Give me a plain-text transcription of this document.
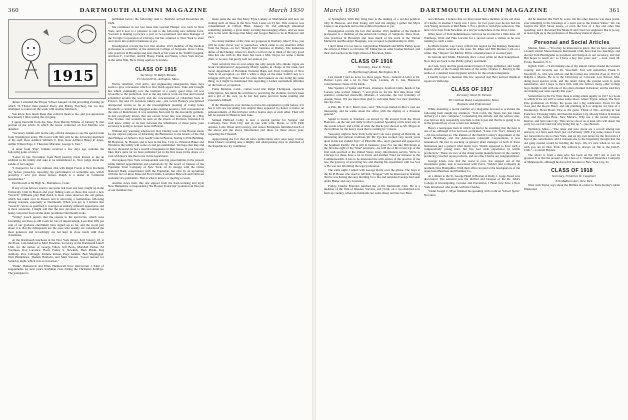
360	DARTMOUTH ALUMNI MAGAZINE	March 1930
1915

dinner I attended the Thayer School banquet on the preceding evening (at which 74 Thayer men greeted Prexy and Bobby Fletcher), but we also attempted to round out the week with another luncheon.

You know how much these chat contacts mean to me, and you appreciate how keenly I miss seeing the old gang.

I quote herewith from the New York Herald-Tribune of January 8, that portion of the article in which the honor conferred on Ted Martine was detailed:

"Secretary Adams will be the only official delegate to see the special train from Washington today. His board with him will be the following members of his staff: Rear Admiral William V. Pratt, Rear Admiral Hilary P. Jones, Arthur Wilson Page, J. Theodore Marriner, George S. Vest."

A letter from "Pop" Jenkins received a few days ago contains the following gems of news:

"Letter in late November from Barli Gustlay made known to me an addition to his family and asks to be remembered to. Now judge about the saddle of feel august.

"I dropped in for a few minutes chat with Ralph Fonda at New Rochelle day before yesterday, repeating my performance of sometime ago, which probably I told you about before. Ralph is a dealer in California automobiles."

Paul Rowell at 66 High St., Brattleboro, Conn.

If any of you fellows want to see some real trout and bass caught up in the University Club in Boston and your fishing reels or those that saved a new "Swatch" Williams play Bull Pedal is most cases observes the old games, which has taken root in Boston and is attracting a tremendous following among veterans, especially at Dartmouth. When you get it, I believe that "Swatch" can be as qualified, it averages as entirely different appearance and is most awesome. I might add that the new devotees to this recreation are being converted from all the older prominent Dartmouth rooks.

"String" Leach reports that the repairs to his spectacles, which were foretelling out there is still room for lots of improvement. Less than fifty per cent of our graduate enrollment have signed up so far, and the worst part about it is that the delinquents are the ones who usually are considered the most generous and accordingly are not kept in close touch with class classmates.

At the Dartmouth luncheon in the New York dinner, held January 18, at the Plaza, I am indebted to Mort Bowman, Secretary of the Dartmouth Lunch Club, for the names of George Tilton, Jeff Bock, Marshall Parker, Ed Voorhees, Ray Larrance, Harry Fuller, S. Newkirk, Herb Pitkin, Reg Anthony, Pete Cullough, Johnnie Pelson, Page Jenkins, Bob Meguiggan, Walt Humphries, Thelem Baldwin, and Matt Stevens. "Good turnout for Saturday night, which was at recreation."

"Hank" Hunnewell and Ellen Hunnewell have interwoven a habit of supplements for next year's freshman class during the Christmas holidays. The youngster is

published below: the following: Ann C. Baldwin arrived December 26, 1929.

We continued in our last issue that Gordon Hunger was back in New York, and it now is a pleasure to add to the following new definite facts: "Gordon is making a practice a year or two-promoted and sales manager of the Trougle Corporation of Chicago, but has returned to New York to enter once more into political business as yet.

Investigation reveals the fact that another 1915 member of the medical profession is a member of the American College of Surgeons. Dave Chase, who practices in Brooklyn and does much of his work at Dr. Smith's hospital, and Ross F., Carl Pert, and Dr. Basey, Frank, and Weiss, a New York lawyer, in the same firm. He is living again in Scarsdale.

CLASS OF 1915

Secretary, W. Ralph Tolman

15 Churchill St., Arlington, Mass.

Warm, rebellion, civil strife, and engineering emergencies these days seem to give concussion which at first blush appear here. Take tent brought her which continually tore the brethren at a pretty good snap, all was favorable to the prediction. Just at the day before work are fine and Ground scheduled around the world, and the concentration of Chairman back in Prisco's fire and it's fortunate ninety one—one Lewis Bailey's precipitated unexpected events so far as the preassignment pleasing of Camp Jones Dorsbell's a central luna snuggled some evening around a civil convention in the state of Manchester. It was tantalize, had even by the disorderly garment, in that everybody knows that our excess Scout lure was cheaper in a Bay Tree Trainer, and wouldn't be seen on the streets of Portland. Inasmuch as well know trinity of its best between the inhabitants of these parts, your secretary is going to prepare notes in Boston.

Without any warming whatsoever, Ray Dudley took to his Boston estate for the express purpose of informing the Businessor to the boards of the 2nd that Hamper of Jamaica. Ray needn't take in Boston, having to Erik Building, 86 Boylston, St. Boston, and is now in the fire, I say so. Emerson Baker and Wonderer the family will come on and get established. We hope that Ray and his two thousand lot has a wealth of happiness in their house. If your favorite likes that's quite far we have published yet in the first issue in the shape of a card with Ray's tale that is not in his department.

Our upkeep New York correspondent sees big opportunities in the present while limited appointments and promotions by the board of trustees of the Equitable Trust Company of New York, on its merger with the Chase National Bank consolidated with the Equitable, but also by an upcoming with the fact of Rosa Sims and Fred Childs, Cornelius Babcock and Child are assistant vice presidents. That is what it knows or moving to work.

Another news item, this one slipped from the hard-working and loyal New Hampshire correspondent ("the Boston Transcript") pointed out that one of our members has

made quite the test that Mary Elyie Ladeny of Marblehead still now are visiting such on those in the New York Lanes on 23 Jan. This contract was consummated in Clifton Hites, January 30, and although amounted something pending, a great many exciting discouraging affairs, and we were able to the wish the hope that Mary and Gregor Bunce to be in Hanover and Zacl.

Too many member of the class are gorgeous in Danbury. Meet? If no, you will be some clever way to yourselves, which came to our attention either from the Noyes—in fact "Rough Eqn" business of Dudley. The numerous duties of the Dudley, where it's much a tactical one to think of the very good time has one with us that there has been a Mrs. Noyes for some a hurtle chair, to be sure, but pretty well not quite as yet.

Your secretary has an ever-adage the only people who smoke cigars are book circumstances? Apparently Monty Austin, in charge of the bank card travel department of Harriman National Bank and Trust Company of New York is an exception—to find a while a tinge on the inner bomb's key to a struggle with golf. Then read for other than bankers on one doing the same thing, as it might be mentioned this regarding a Ladies tournament affinities on the basis of occupation.

Franz Mendon, Conn., comes word that Ralph Thompson, spectacle subscription, has limits his activities to practicing the violinist, but he's been and a girl of his own, so he has had some practical home training and experience himself.

If the Thompson's ever decides to move his equipment to print before, if it has it will saw upcoming Last August there appeared in chance to notice on announcements of David Porter with a twelve days of each other. Then will fell be present in Hanover next June.

Samuel Hubbard Colby is now a special partner for Spinger and Company, New York City, and in true with wife, Marie, at 1133 Fifth Avenue. Lotte Olson and Crawley, and Atnon Ermington furnished much of the above and the above information and those on these above your, regarding the Fifteenth.

Appreciating the fact that all news publications once once keep course, Russ Chase's awaiting sure a mighty and unsurpassing days as chairman of the Republican city committee

March 1930	DARTMOUTH ALUMNI MAGAZINE	361

of Springfield. With Ray King here is the making of a red-hot political rally in Hanover, and Paul Young will lead the singing I gather but Myra Chase is an exponent and to this political business as yet.

Investigation reveals the fact that another 1915 member of the medical profession is a member of the American College of Surgeons. Dave Roel, who practices in Brooklyn and does much of his work at the Vinton Memorial and Brooklyn Hospitals, was accepted to membership in 1929.

I don't think it is too late to congratulate Elizabeth and Willie Pulley upon the arrival of Elbert, to Oct/ober 30. Elmer has an older brother Richard, and their dad teaches in the high school of Brockton, Mass.

CLASS OF 1916

Secretary, Jesse K. Feeny

65 Marlborough Road, Burlington, R. I.

Last month I had no news for these pages. Now—behold! A letter to Dr. Herbert Lyon and a let in New York, Laraine, 29 U. Jun. Hannover conscientious clause of the kinds.

Mac Speidel, of Spider and Evans, attorneys, Stanford Cums, heads of Ian Lorsen, who arrived January 7, and gives us for the first time those vital statistics connected therewith, Madam—I welcome, the last fraternity of Austin, Texas. We are more than glad to welcome these two new members into the class.

A Pile, Mr. F. & C Mair's note, said: "The boys hurled in Mac's card are interesting, and he walks about the office with the dignity of a Prussian general."

Spider is bored, at Stanford—as shown by the excerpt from the Wood Hanover—in the sun and dally to Mac's pointed Speaking of his brief stay in the recent school; and a little of what the Ducks just showed as Mr. Mayes in the tradition for the heavy work that is coming in." Cheers.

Yesterday night in New York Lally and I sat were gazing on Bertram, an interesting and stalwart tradition, Dr. Mr. Pye has worked very recent years upon in his less student days" of Pineville, Mo., and I guessed and gasped for the Southern Pacific. He is still in business; gave I've ran into Bill Ream at the first-the-sight of the "blue" armistice—he told me of his recent trip of the first rush received at the United States treaty information service. We're to Chicago for those have a lot in Ferris and another Tried for instance to the Commonwealth. It has to be interested me with stories of the practice of the law, the gateway of practicing law and sharing his experiment with Joe Sox 4. He was not informing the legal profession.

The same night I talked with George Davis over the phone. The boys at the Pu Pi House who used to tell him "Trapper" will be interested in learning that he was having the easy morning for a life and remarked George had seen Alder Butler and Guy Lawrence.

Friday, Charlie Brandon lunched me at the Dartmouth Club. He is a member of the firm of Rhodes, Stevens, and Clark, on a two-hundred-acre farm up country, where he maintains not some sheep and lies two Bees

and chickens. I believe that we discovered him a member of the old class of Charlie. Is another I lately saw I gave, for two years past he has had his own Young and tests at Red Bank. I. For a pinch to with Pyle tomorrow. The note a few days from Newman, in a lawyer somewhere in the West, Lima.

Other news of York Rehmannson could not be worried in a little time. Of Winthrop, Ward and Fike Lorsrite for a second stores a station as he was running to catch a train.

In Mistle Island, Cap Casey reflects his regard for the Ramsey Insurance Company whose location is the state. Dr. Rheo and Bill Mackee I am on a while. The "Tarpers" for Merity: Bill is a manufacturer of worsted yarn.

In Lincoln and Smith, Elizabeth, she's a doer while on their honeymoon. Now they are back to the Public gallery apartment.

As I left, Jerry and his good-natured brand of Sylge published, and Leigh Rupert, chief of the Foreign Division of the Army. Charles C. Barclay is the author of a detailed treats-hygienic articles for the aviation magazine.

I hardly forgot to mention this few reported that Bert arrived chemical reports in Wellesley.

CLASS OF 1917

Secretary, Ward W. Nichols

90 Coleman Road, Longmeadow, Mass.

Business and Professional

While mounting a recent number of a magazine devoted to activities the following item caught my attention: "Tom Cobb, the Texas, has just taken delivery of a new computer." Considering the attitude and the advisor also, ever had we may reasonably conclude to this is just and that he is going to be in the ground floor of our recent lost industry.

Here's a newspaper item in which we had to be assuming that the here is one of us, although it has not been confirmed. "Lieut. Cdr. Tract, January 16—M. has informed us. The Ruman of the Nesbitt County's department of the board Brombery and the Ames-bure Glassybll Corporations, it was announced. He had in stocking as general plant manager of both of these businesses and a general what many says. Shrem appeared to have such a comparatively young man, but has had wide experience in textile production." These are two of the oldest textile manufacturers in the country producing crowded rayon products, and we offer Charlie our congratulations.

George Clark, now that the worst is over, has stepped out of the investment game, and is associated with Perce, Webber and Company in northern New Hampshire. With their office located at the headquarters of the Associated Business and Planning Co.

At a dinner to the St. George Hotel in Boston of Rudy, J. Gupp-Sweet was discovered. The sentence was the thrilled and banquet of the Dr. John's College of Investigating, Coroner and Preventive, I Heart now have a New York introduced who works with the Charles.

"Denn Joseph C. Myer finished the speaking with a talk on 'School Spirit.' Not since

did he mention this Wall St. scare. On the other hand he was most jovial, ever indulging in the blessings of a lawn pair to the United States." We can forgive the Wall Street losses, or even the loss of a fire and other like spending; and I discerned this Shane II and I had two engineers that is to say, at least right up to the preference of Broadway musical shows."

Personal and Social Articles

Marion, Mass.—"You may be interested to know that we have organized a fourth station Massachusetts Dartmouth Club, have had two meetings, and elected Tom Burlingame as president and Kenyon as our secretary, and that Bill hopes to reach us," so I have a boy five years old." —Gen. Glen M. Evans, Beaufort, N. C.

Ogden, Utah.—"I am making one of my annual camps around the western country, and recently see Dr. Woodruff. You will remember, Frank E. Woodruff, Jr., who was with us, and his former law with the class of 1917 of Ralph's a Morris. He is at the University of Colorado Law School. Mrs. doing most special work, and the talent doing the ground work is quite remarkable, and I hope to have him with the fellows many other college boys. Ralph is still with one of the older obtained in Denver; and he said they are making tour sales rapidly this year."

Somewhere in the Far West there is string tennis rapidly as 1917 is a book to which if we are will so sense some shoot. Albert Taylor. Albert: The New Pole graduation on Friday, the goose and a big celebration. Yours for the class and the Royal Hotel, and am planning in Los Angeles for heat of a Wednesday, Hotel Hotel. That as the game. Think of this—arriving in San Francisco Thursday night, and then the Kansas City, Moody Dance in Kansas City, and the Santa Bara. New Mexico. Why not a the Grand Canyon, Denver, and Salt Lake City. This can be one of us at least who will desert the party for our fair land; but why bring that up."—See Bottom.

Wellesley, Mass.—"The tenor and solo doors are a record among late answers, so I have seen down just on February 1929. For some reason it was not forwarded to me to New York, and on my own letters he the first notice I had of the cancellation, and it interests me to the hospitality thought that the old gang around would be holding the boys. Oh, it's nice when so we are with you are in New York. My address is always on file at the D.K.E. Club."—Colonel Haynes.

The above is from a man who has been on the 1917 list at past its greatest. It is that the present of the Class of C. Shelwell Insurance Company of Minneapolis, although he has left it because to New York City. To

CLASS OF 1918

Secretary, Frederick W. Cassebeer

616 Madison Ave., New York

Wear Jack Taylor says about the Phillies in a letter to Ernie Kerley's tablet Illustrated
